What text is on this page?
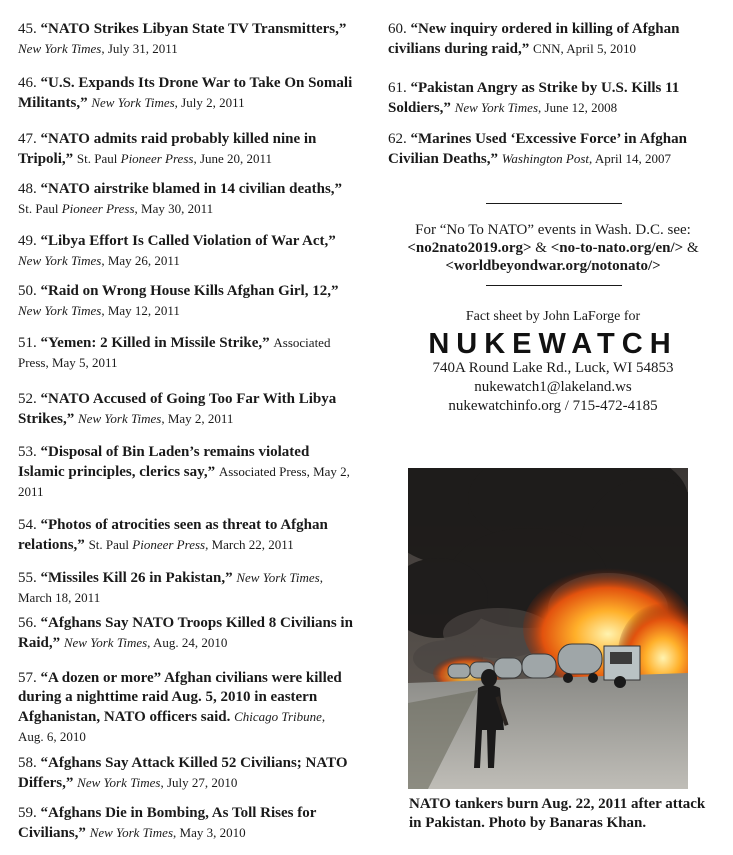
45. “NATO Strikes Libyan State TV Transmitters,” New York Times, July 31, 2011
46. “U.S. Expands Its Drone War to Take On Somali Militants,” New York Times, July 2, 2011
47. “NATO admits raid probably killed nine in Tripoli,” St. Paul Pioneer Press, June 20, 2011
48. “NATO airstrike blamed in 14 civilian deaths,” St. Paul Pioneer Press, May 30, 2011
49. “Libya Effort Is Called Violation of War Act,” New York Times, May 26, 2011
50. “Raid on Wrong House Kills Afghan Girl, 12,” New York Times, May 12, 2011
51. “Yemen: 2 Killed in Missile Strike,” Associated Press, May 5, 2011
52. “NATO Accused of Going Too Far With Libya Strikes,” New York Times, May 2, 2011
53. “Disposal of Bin Laden’s remains violated Islamic principles, clerics say,” Associated Press, May 2, 2011
54. “Photos of atrocities seen as threat to Afghan relations,” St. Paul Pioneer Press, March 22, 2011
55. “Missiles Kill 26 in Pakistan,” New York Times, March 18, 2011
56. “Afghans Say NATO Troops Killed 8 Civilians in Raid,” New York Times, Aug. 24, 2010
57. “A dozen or more” Afghan civilians were killed during a nighttime raid Aug. 5, 2010 in eastern Afghanistan, NATO officers said. Chicago Tribune, Aug. 6, 2010
58. “Afghans Say Attack Killed 52 Civilians; NATO Differs,” New York Times, July 27, 2010
59. “Afghans Die in Bombing, As Toll Rises for Civilians,” New York Times, May 3, 2010
60. “New inquiry ordered in killing of Afghan civilians during raid,” CNN, April 5, 2010
61. “Pakistan Angry as Strike by U.S. Kills 11 Soldiers,” New York Times, June 12, 2008
62. “Marines Used ‘Excessive Force’ in Afghan Civilian Deaths,” Washington Post, April 14, 2007
For “No To NATO” events in Wash. D.C. see:
<no2nato2019.org> & <no-to-nato.org/en/> &
<worldbeyondwar.org/notonato/>
Fact sheet by John LaForge for
NUKEWATCH
740A Round Lake Rd., Luck, WI 54853
nukewatch1@lakeland.ws
nukewatchinfo.org / 715-472-4185
NATO tankers burn Aug. 22, 2011 after attack in Pakistan. Photo by Banaras Khan.
